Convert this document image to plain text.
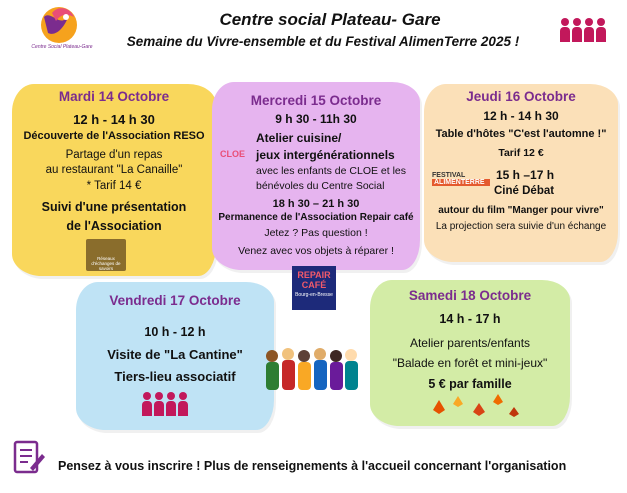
Centre Social Plateau-Gare
Centre social Plateau- Gare
Semaine du Vivre-ensemble et du Festival AlimenTerre 2025 !
Mardi 14 Octobre
12 h - 14 h 30
Découverte de l'Association RESO
Partage d'un repas
au restaurant "La Canaille"
* Tarif 14 €
Suivi d'une présentation
de l'Association
Réseaux d'échanges de savoirs
Mercredi 15 Octobre
9 h 30 - 11h 30
Atelier cuisine/
jeux intergénérationnels
CLOE
avec les enfants de CLOE et les
bénévoles du Centre Social
18 h 30 – 21 h 30
Permanence de l'Association Repair café
Jetez ? Pas question !
Venez avec vos objets à réparer !
REPAIR
CAFÉ
Bourg-en-Bresse
Jeudi 16 Octobre
12 h - 14 h 30
Table d'hôtes "C'est l'automne !"
Tarif 12 €
FESTIVAL
ALIMENTERRE
15 h –17 h
Ciné Débat
autour du film "Manger pour vivre"
La projection sera suivie d'un échange
Vendredi 17 Octobre
10 h - 12 h
Visite de "La Cantine"
Tiers-lieu associatif
Samedi 18 Octobre
14 h - 17 h
Atelier parents/enfants
"Balade en forêt et mini-jeux"
5 € par famille
Pensez à vous inscrire ! Plus de renseignements à l'accueil concernant l'organisation
